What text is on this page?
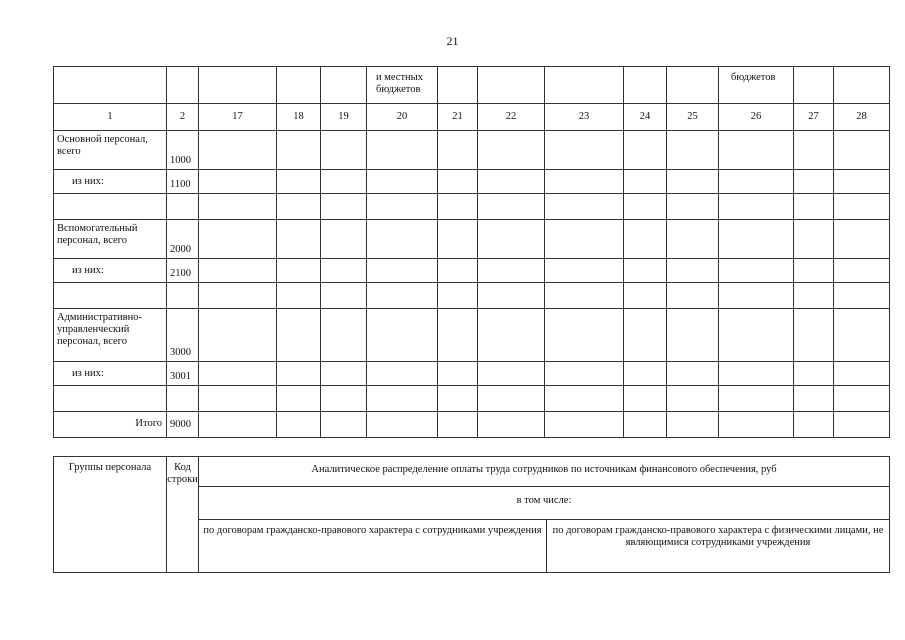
21
					и местных бюджетов						бюджетов		
1	2	17	18	19	20	21	22	23	24	25	26	27	28
Основной персонал, всего	1000												
из них:	1100												

Вспомогательный персонал, всего	2000												
из них:	2100												

Административно-управленческий персонал, всего	3000												
из них:	3001												

Итого	9000												
Группы персонала	Код строки	Аналитическое распределение оплаты труда сотрудников по источникам финансового обеспечения, руб	
		в том числе:	
		по договорам гражданско-правового характера с сотрудниками учреждения	по договорам гражданско-правового характера с физическими лицами, не являющимися сотрудниками учреждения
